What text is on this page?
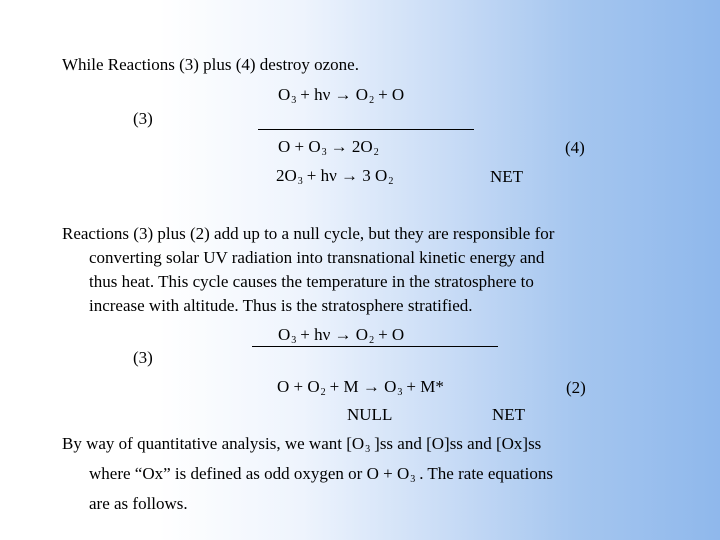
While Reactions (3) plus (4) destroy ozone.
$O_3 + h\nu \to O_2 + O$
(3)
$O + O_3 \to 2O_2$	(4)
$2O_3 + h\nu \to 3$ $O_2$	NET
Reactions (3) plus (2) add up to a null cycle, but they are responsible for
converting solar UV radiation into transnational kinetic energy and
thus heat. This cycle causes the temperature in the stratosphere to
increase with altitude. Thus is the stratosphere stratified.
$O_3 + h\nu \to O_2 + O$
(3)
$O + O_2 + M \to O_3 + M*$	(2)
NULL	NET
By way of quantitative analysis, we want [$O_3$ ]ss and [O]ss and [Ox]ss
where “Ox” is defined as odd oxygen or $O + O_3$ . The rate equations
are as follows.
